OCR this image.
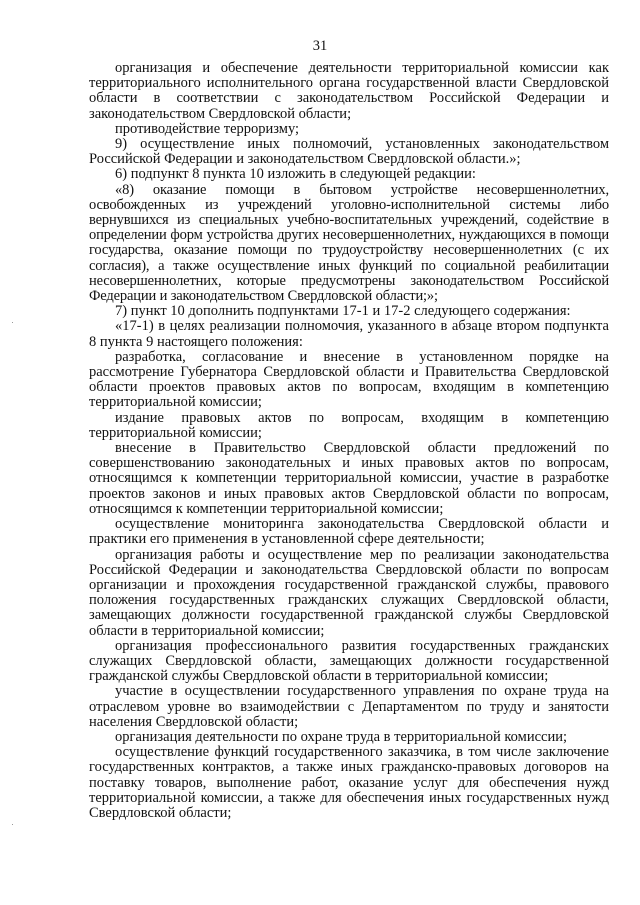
31

организация и обеспечение деятельности территориальной комиссии как территориального исполнительного органа государственной власти Свердловской области в соответствии с законодательством Российской Федерации и законодательством Свердловской области;

противодействие терроризму;

9) осуществление иных полномочий, установленных законодательством Российской Федерации и законодательством Свердловской области.»;

6) подпункт 8 пункта 10 изложить в следующей редакции:

«8) оказание помощи в бытовом устройстве несовершеннолетних, освобожденных из учреждений уголовно-исполнительной системы либо вернувшихся из специальных учебно-воспитательных учреждений, содействие в определении форм устройства других несовершеннолетних, нуждающихся в помощи государства, оказание помощи по трудоустройству несовершеннолетних (с их согласия), а также осуществление иных функций по социальной реабилитации несовершеннолетних, которые предусмотрены законодательством Российской Федерации и законодательством Свердловской области;»;

7) пункт 10 дополнить подпунктами 17-1 и 17-2 следующего содержания:

«17-1) в целях реализации полномочия, указанного в абзаце втором подпункта 8 пункта 9 настоящего положения:

разработка, согласование и внесение в установленном порядке на рассмотрение Губернатора Свердловской области и Правительства Свердловской области проектов правовых актов по вопросам, входящим в компетенцию территориальной комиссии;

издание правовых актов по вопросам, входящим в компетенцию территориальной комиссии;

внесение в Правительство Свердловской области предложений по совершенствованию законодательных и иных правовых актов по вопросам, относящимся к компетенции территориальной комиссии, участие в разработке проектов законов и иных правовых актов Свердловской области по вопросам, относящимся к компетенции территориальной комиссии;

осуществление мониторинга законодательства Свердловской области и практики его применения в установленной сфере деятельности;

организация работы и осуществление мер по реализации законодательства Российской Федерации и законодательства Свердловской области по вопросам организации и прохождения государственной гражданской службы, правового положения государственных гражданских служащих Свердловской области, замещающих должности государственной гражданской службы Свердловской области в территориальной комиссии;

организация профессионального развития государственных гражданских служащих Свердловской области, замещающих должности государственной гражданской службы Свердловской области в территориальной комиссии;

участие в осуществлении государственного управления по охране труда на отраслевом уровне во взаимодействии с Департаментом по труду и занятости населения Свердловской области;

организация деятельности по охране труда в территориальной комиссии;

осуществление функций государственного заказчика, в том числе заключение государственных контрактов, а также иных гражданско-правовых договоров на поставку товаров, выполнение работ, оказание услуг для обеспечения нужд территориальной комиссии, а также для обеспечения иных государственных нужд Свердловской области;
